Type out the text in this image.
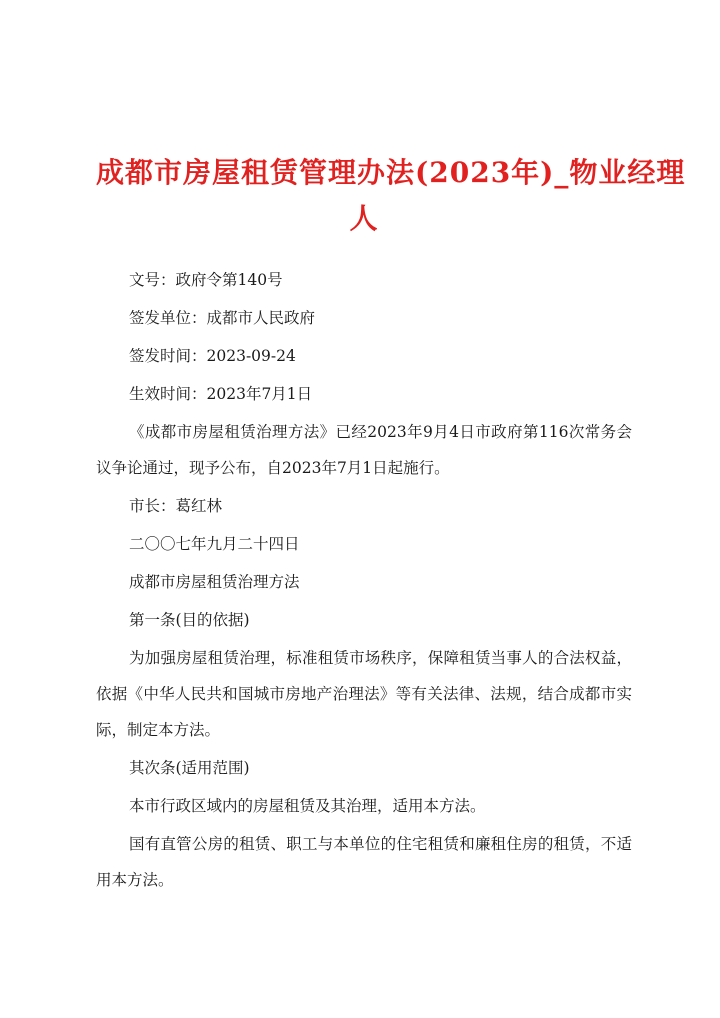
成都市房屋租赁管理办法(2023年)_物业经理
人

文号：政府令第140号

签发单位：成都市人民政府

签发时间：2023-09-24

生效时间：2023年7月1日

《成都市房屋租赁治理方法》已经2023年9月4日市政府第116次常务会议争论通过，现予公布，自2023年7月1日起施行。

市长：葛红林

二〇〇七年九月二十四日

成都市房屋租赁治理方法

第一条(目的依据)

为加强房屋租赁治理，标准租赁市场秩序，保障租赁当事人的合法权益，依据《中华人民共和国城市房地产治理法》等有关法律、法规，结合成都市实际，制定本方法。

其次条(适用范围)

本市行政区域内的房屋租赁及其治理，适用本方法。

国有直管公房的租赁、职工与本单位的住宅租赁和廉租住房的租赁，不适用本方法。
